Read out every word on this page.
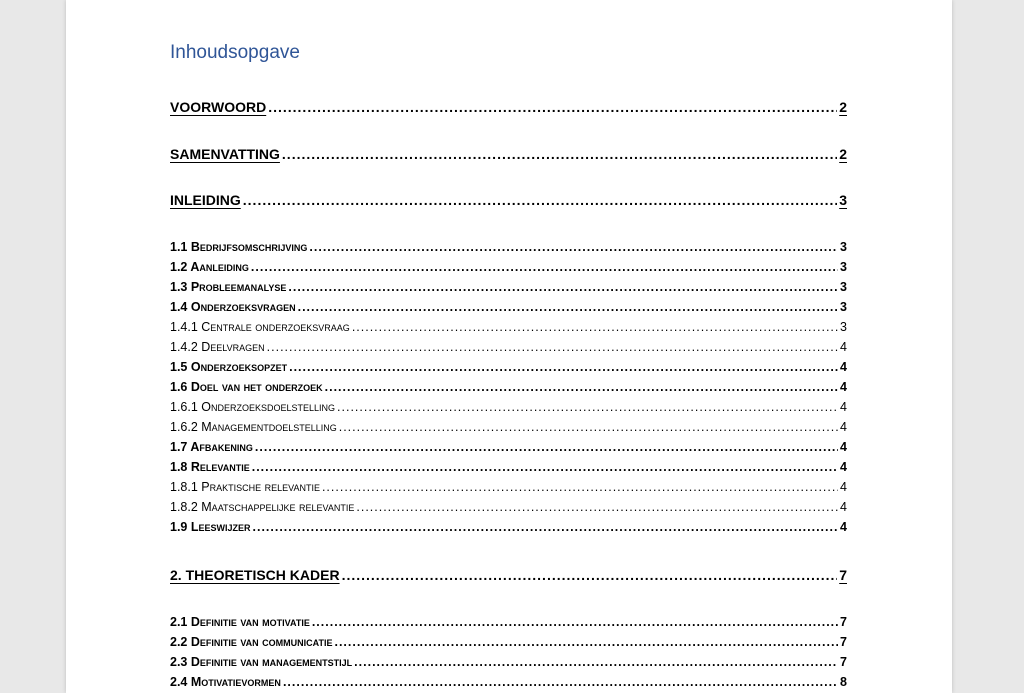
Inhoudsopgave
VOORWOORD .....	2
SAMENVATTING .....	2
INLEIDING .....	3
1.1 Bedrijfsomschrijving .....	3
1.2 Aanleiding .....	3
1.3 Probleemanalyse .....	3
1.4 Onderzoeksvragen .....	3
1.4.1 Centrale onderzoeksvraag .....	3
1.4.2 Deelvragen .....	4
1.5 Onderzoeksopzet .....	4
1.6 Doel van het onderzoek .....	4
1.6.1 Onderzoeksdoelstelling .....	4
1.6.2 Managementdoelstelling .....	4
1.7 Afbakening .....	4
1.8 Relevantie .....	4
1.8.1 Praktische relevantie .....	4
1.8.2 Maatschappelijke relevantie .....	4
1.9 Leeswijzer .....	4
2. THEORETISCH KADER .....	7
2.1 Definitie van motivatie .....	7
2.2 Definitie van communicatie .....	7
2.3 Definitie van managementstijl .....	7
2.4 Motivatievormen .....	8
